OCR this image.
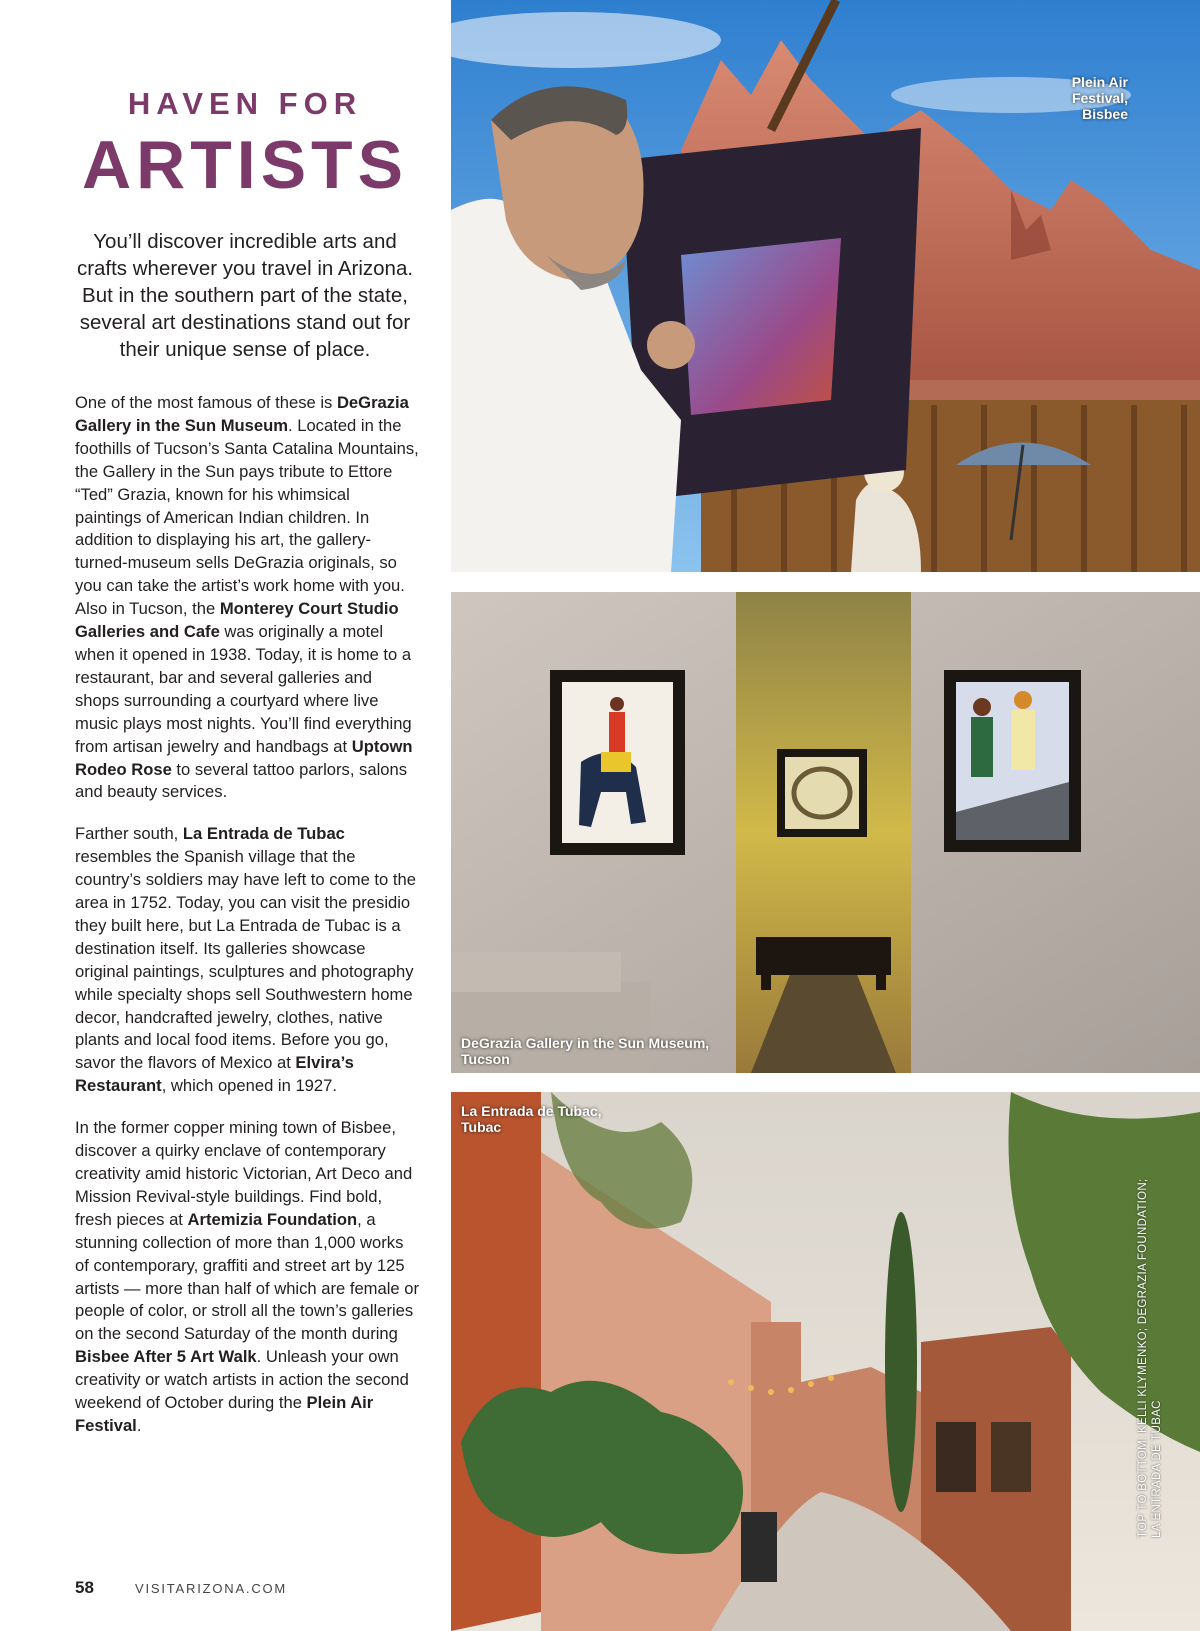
HAVEN FOR
ARTISTS

You’ll discover incredible arts and crafts wherever you travel in Arizona. But in the southern part of the state, several art destinations stand out for their unique sense of place.

One of the most famous of these is DeGrazia Gallery in the Sun Museum. Located in the foothills of Tucson’s Santa Catalina Mountains, the Gallery in the Sun pays tribute to Ettore “Ted” Grazia, known for his whimsical paintings of American Indian children. In addition to displaying his art, the gallery-turned-museum sells DeGrazia originals, so you can take the artist’s work home with you. Also in Tucson, the Monterey Court Studio Galleries and Cafe was originally a motel when it opened in 1938. Today, it is home to a restaurant, bar and several galleries and shops surrounding a courtyard where live music plays most nights. You’ll find everything from artisan jewelry and handbags at Uptown Rodeo Rose to several tattoo parlors, salons and beauty services.

Farther south, La Entrada de Tubac resembles the Spanish village that the country’s soldiers may have left to come to the area in 1752. Today, you can visit the presidio they built here, but La Entrada de Tubac is a destination itself. Its galleries showcase original paintings, sculptures and photography while specialty shops sell Southwestern home decor, handcrafted jewelry, clothes, native plants and local food items. Before you go, savor the flavors of Mexico at Elvira’s Restaurant, which opened in 1927.

In the former copper mining town of Bisbee, discover a quirky enclave of contemporary creativity amid historic Victorian, Art Deco and Mission Revival-style buildings. Find bold, fresh pieces at Artemizia Foundation, a stunning collection of more than 1,000 works of contemporary, graffiti and street art by 125 artists — more than half of which are female or people of color, or stroll all the town’s galleries on the second Saturday of the month during Bisbee After 5 Art Walk. Unleash your own creativity or watch artists in action the second weekend of October during the Plein Air Festival.

58	VISITARIZONA.COM
Plein Air Festival,
Bisbee
DeGrazia Gallery in the Sun Museum,
Tucson
La Entrada de Tubac,
Tubac
TOP TO BOTTOM: KELLI KLYMENKO; DEGRAZIA FOUNDATION; LA ENTRADA DE TUBAC
